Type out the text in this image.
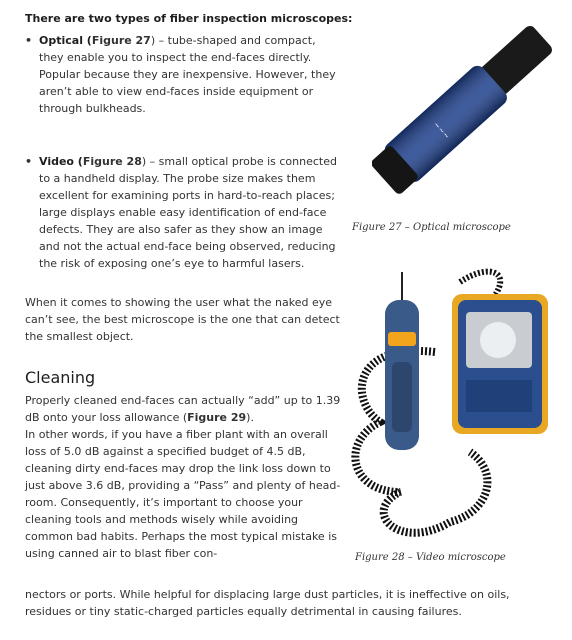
There are two types of fiber inspection microscopes:
• Optical (Figure 27) – tube-shaped and compact, they enable you to inspect the end-faces directly. Popular because they are inexpensive. However, they aren’t able to view end-faces inside equipment or through bulkheads.
• Video (Figure 28) – small optical probe is connected to a handheld display. The probe size makes them excellent for examining ports in hard-to-reach places; large displays enable easy identification of end-face defects. They are also safer as they show an image and not the actual end-face being observed, reducing the risk of exposing one’s eye to harmful lasers.
When it comes to showing the user what the naked eye can’t see, the best microscope is the one that can detect the smallest object.
Cleaning
Properly cleaned end-faces can actually “add” up to 1.39 dB onto your loss allowance (Figure 29).
In other words, if you have a fiber plant with an overall loss of 5.0 dB against a specified budget of 4.5 dB, cleaning dirty end-faces may drop the link loss down to just above 3.6 dB, providing a “Pass” and plenty of head-room. Consequently, it’s important to choose your cleaning tools and methods wisely while avoiding common bad habits. Perhaps the most typical mistake is using canned air to blast fiber con-
nectors or ports. While helpful for displacing large dust particles, it is ineffective on oils, residues or tiny static-charged particles equally detrimental in causing failures.
~~~
Figure 27 – Optical microscope
Figure 28 – Video microscope
